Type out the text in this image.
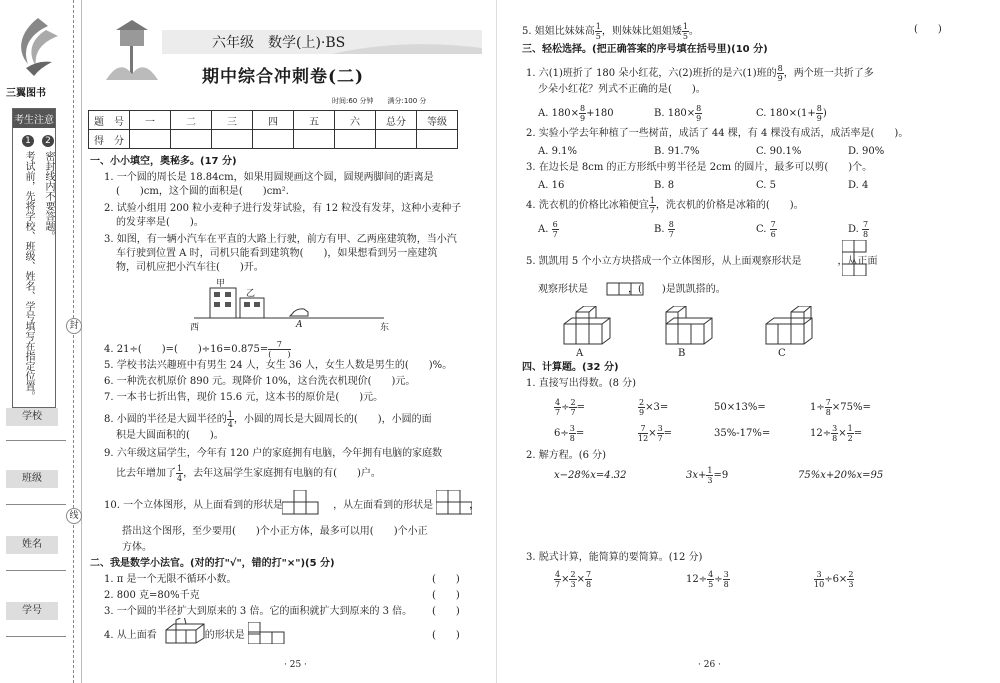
三翼图书
考生注意
1考试前，先将学校、班级、姓名、学号填写在指定位置。
2密封线内不要答题。
封
线
学校
班级
姓名
学号
六年级　数学(上)·BS
期中综合冲刺卷(二)
时间:60 分钟　　满分:100 分
题　号	一	二	三	四	五	六	总分	等级
得　分								
一、小小填空，奥秘多。(17 分)
1. 一个圆的周长是 18.84cm，如果用圆规画这个圆，圆规两脚间的距离是
(　　)cm，这个圆的面积是(　　)cm².
2. 试验小组用 200 粒小麦种子进行发芽试验，有 12 粒没有发芽，这种小麦种子
的发芽率是(　　)。
3. 如图，有一辆小汽车在平直的大路上行驶，前方有甲、乙两座建筑物，当小汽
车行驶到位置 A 时，司机只能看到建筑物(　　)，如果想看到另一座建筑
物，司机应把小汽车往(　　)开。
甲
乙
西	A	东
4. 21÷(　　)=(　　)÷16=0.875=	7
(　　)
5. 学校书法兴趣班中有男生 24 人，女生 36 人，女生人数是男生的(　　)%。
6. 一种洗衣机原价 890 元。现降价 10%，这台洗衣机现价(　　)元。
7. 一本书七折出售，现价 15.6 元，这本书的原价是(　　)元。
8. 小圆的半径是大圆半径的 $\frac{1}{4}$ ，小圆的周长是大圆周长的(　　)，小圆的面
积是大圆面积的(　　)。
9. 六年级这届学生，今年有 120 户的家庭拥有电脑，今年拥有电脑的家庭数
比去年增加了 $\frac{1}{4}$ ，去年这届学生家庭拥有电脑的有(　　)户。
10. 一个立体图形，从上面看到的形状是	，从左面看到的形状是	，
搭出这个图形，至少要用(　　)个小正方体，最多可以用(　　)个小正
方体。
二、我是数学小法官。(对的打"√"，错的打"×")(5 分)
1. π 是一个无限不循环小数。	(　　)
2. 800 克=80%千克	(　　)
3. 一个圆的半径扩大到原来的 3 倍。它的面积就扩大到原来的 3 倍。 (　　)
4. 从上面看	的形状是	(　　)
· 25 ·
5. 姐姐比妹妹高 $\frac{1}{5}$ ，则妹妹比姐姐矮 $\frac{1}{5}$ 。	(　　)
三、轻松选择。(把正确答案的序号填在括号里)(10 分)
1. 六(1)班折了 180 朵小红花，六(2)班折的是六(1)班的 $\frac{8}{9}$ ，两个班一共折了多
少朵小红花？列式不正确的是(　　)。
A. $180\times \frac{8}{9} +180$	B. $180\times \frac{8}{9}$	C. $180\times(1+ \frac{8}{9}$ )
2. 实验小学去年种植了一些树苗，成活了 44 棵，有 4 棵没有成活，成活率是(　　)。
A. 9.1%	B. 91.7%	C. 90.1%	D. 90%
3. 在边长是 8cm 的正方形纸中剪半径是 2cm 的圆片，最多可以剪(　　)个。
A. 16	B. 8	C. 5	D. 4
4. 洗衣机的价格比冰箱便宜 $\frac{1}{7}$ ，洗衣机的价格是冰箱的(　　)。
A. $\frac{6}{7}$	B. $\frac{8}{7}$	C. $\frac{7}{6}$	D. $\frac{7}{8}$
5. 凯凯用 5 个小立方块搭成一个立体图形，从上面观察形状是	，从正面
观察形状是	，(　　)是凯凯搭的。
A	B	C
四、计算题。(32 分)
1. 直接写出得数。(8 分)
$\frac{4}{7} \div \frac{2}{7}$ =	$\frac{2}{9} \times 3=$	50×13%=	$1\div \frac{7}{8} \times 75\%=$
$6\div \frac{3}{8}$ =	$\frac{7}{12} \times \frac{3}{7}$ =	35%-17%=	$12\div \frac{3}{8} \times \frac{1}{2}$ =
2. 解方程。(6 分)
x−28%x=4.32	$3x+ \frac{1}{3} =9$	75%x+20%x=95
3. 脱式计算，能简算的要简算。(12 分)
$\frac{4}{7} \times \frac{2}{3} \times \frac{7}{8}$	$12\div \frac{4}{5} \div \frac{3}{8}$	$\frac{3}{10} \div 6\times \frac{2}{3}$
· 26 ·
